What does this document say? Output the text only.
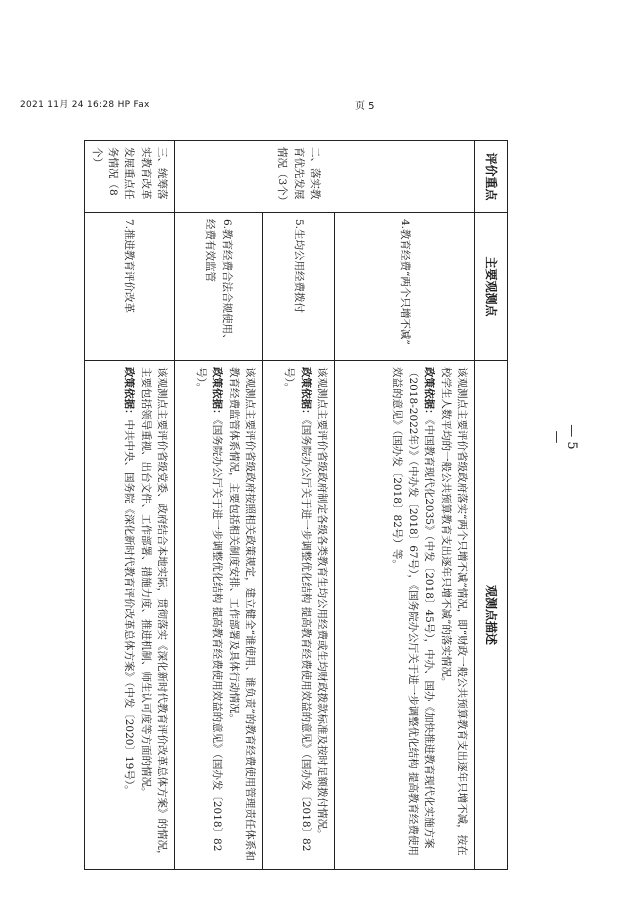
2021 11月 24 16:28 HP Fax	页 5
— 5 —
评价重点	主要观测点	观测点描述
	4.教育经费“两个只增不减”	该观测点主要评价省级政府落实“两个只增不减”情况，即“财政一般公共预算教育支出逐年只增不减，按在校学生人数平均的一般公共预算教育支出逐年只增不减”的落实情况。
政策依据：《中国教育现代化2035》（中发〔2018〕45号），中办、国办《加快推进教育现代化实施方案（2018-2022年）》（中办发〔2018〕67号），《国务院办公厅关于进一步调整优化结构 提高教育经费使用效益的意见》（国办发〔2018〕82号）等。

二、落实教育优先发展情况（3个）	5.生均公用经费拨付	该观测点主要评价省级政府制定各级各类教育生均公用经费或生均财政拨款标准及按时足额拨付情况。
政策依据：《国务院办公厅关于进一步调整优化结构 提高教育经费使用效益的意见》（国办发〔2018〕82号）。

	6.教育经费合法合规使用、经费有效监管	该观测点主要评价省级政府按照相关政策规定，建立健全“谁使用、谁负责”的教育经费使用管理责任体系和教育经费监管体系情况，主要包括相关制度安排、工作部署及具体行动情况。
政策依据：《国务院办公厅关于进一步调整优化结构 提高教育经费使用效益的意见》（国办发〔2018〕82号）。

三、统筹落实教育改革发展重点任务情况（8个）	7.推进教育评价改革	该观测点主要评价省级党委、政府结合本地实际，贯彻落实《深化新时代教育评价改革总体方案》的情况，主要包括领导重视、出台文件、工作部署、措施力度、推进机制、师生认可度等方面的情况。
政策依据：中共中央、国务院《深化新时代教育评价改革总体方案》（中发〔2020〕19号）。
